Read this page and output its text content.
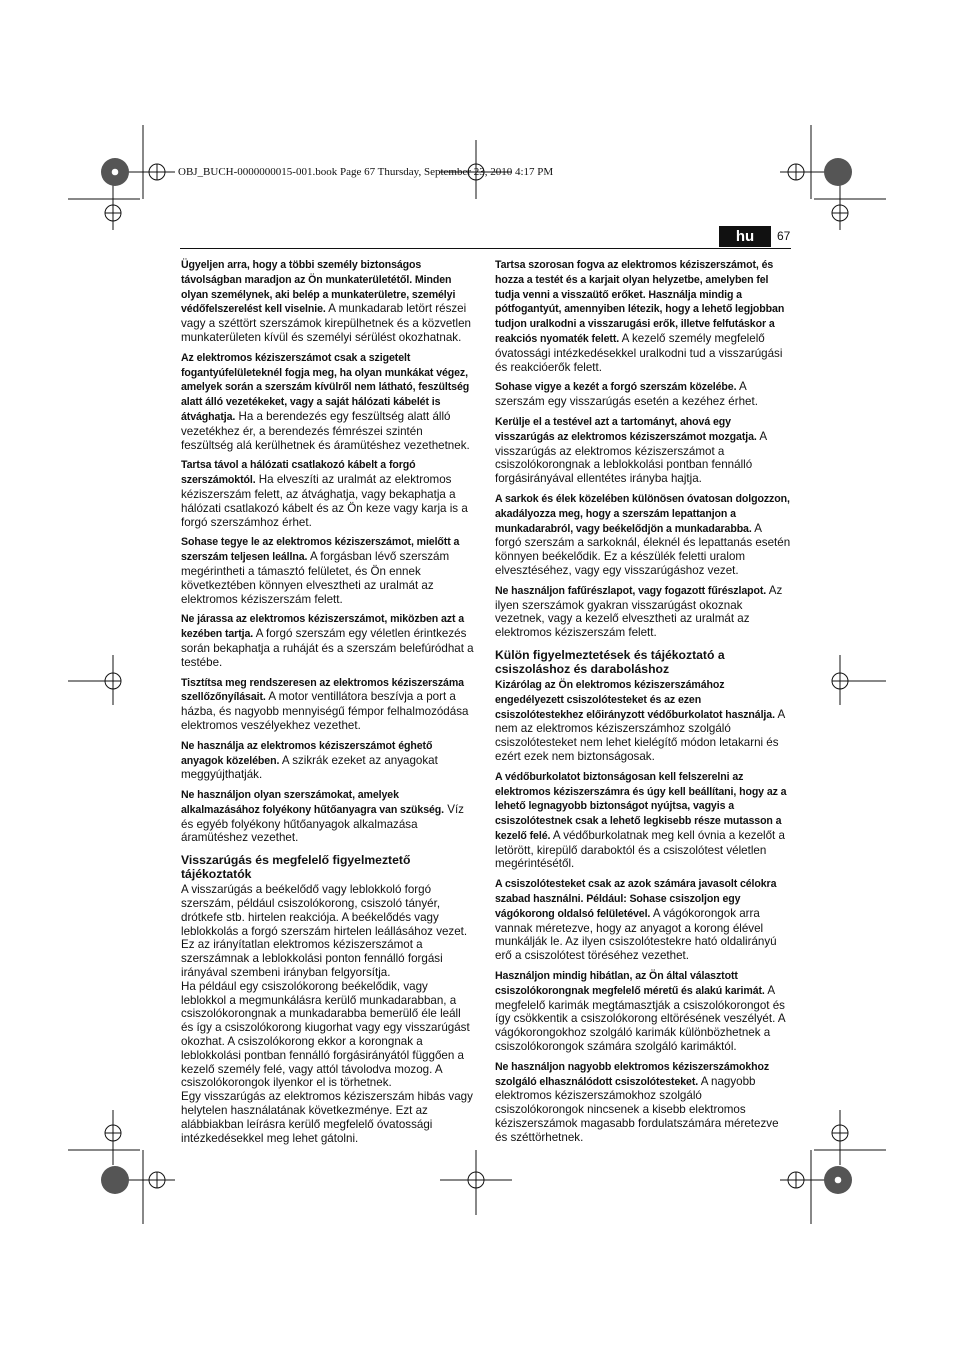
OBJ_BUCH-0000000015-001.book Page 67 Thursday, September 23, 2010 4:17 PM
hu	67

Ügyeljen arra, hogy a többi személy biztonságos távolságban maradjon az Ön munkaterületétől. Minden olyan személynek, aki belép a munkaterületre, személyi védőfelszerelést kell viselnie. A munkadarab letört részei vagy a széttört szerszámok kirepülhetnek és a közvetlen munkaterületen kívül és személyi sérülést okozhatnak.

Az elektromos kéziszerszámot csak a szigetelt fogantyúfelületeknél fogja meg, ha olyan munkákat végez, amelyek során a szerszám kívülről nem látható, feszültség alatt álló vezetékeket, vagy a saját hálózati kábelét is átvághatja. Ha a berendezés egy feszültség alatt álló vezetékhez ér, a berendezés fémrészei szintén feszültség alá kerülhetnek és áramütéshez vezethetnek.

Tartsa távol a hálózati csatlakozó kábelt a forgó szerszámoktól. Ha elveszíti az uralmát az elektromos kéziszerszám felett, az átvághatja, vagy bekaphatja a hálózati csatlakozó kábelt és az Ön keze vagy karja is a forgó szerszámhoz érhet.

Sohase tegye le az elektromos kéziszerszámot, mielőtt a szerszám teljesen leállna. A forgásban lévő szerszám megérintheti a támasztó felületet, és Ön ennek következtében könnyen elvesztheti az uralmát az elektromos kéziszerszám felett.

Ne járassa az elektromos kéziszerszámot, miközben azt a kezében tartja. A forgó szerszám egy véletlen érintkezés során bekaphatja a ruháját és a szerszám belefúródhat a testébe.

Tisztítsa meg rendszeresen az elektromos kéziszerszáma szellőzőnyílásait. A motor ventillátora beszívja a port a házba, és nagyobb mennyiségű fémpor felhalmozódása elektromos veszélyekhez vezethet.

Ne használja az elektromos kéziszerszámot éghető anyagok közelében. A szikrák ezeket az anyagokat meggyújthatják.

Ne használjon olyan szerszámokat, amelyek alkalmazásához folyékony hűtőanyagra van szükség. Víz és egyéb folyékony hűtőanyagok alkalmazása áramütéshez vezethet.

Visszarúgás és megfelelő figyelmeztető tájékoztatók

A visszarúgás a beékelődő vagy leblokkoló forgó szerszám, például csiszolókorong, csiszoló tányér, drótkefe stb. hirtelen reakciója. A beékelődés vagy leblokkolás a forgó szerszám hirtelen leállásához vezet. Ez az irányítatlan elektromos kéziszerszámot a szerszámnak a leblokkolási ponton fennálló forgási irányával szembeni irányban felgyorsítja.

Ha például egy csiszolókorong beékelődik, vagy leblokkol a megmunkálásra kerülő munkadarabban, a csiszolókorongnak a munkadarabba bemerülő éle leáll és így a csiszolókorong kiugorhat vagy egy visszarúgást okozhat. A csiszolókorong ekkor a korongnak a leblokkolási pontban fennálló forgásirányától függően a kezelő személy felé, vagy attól távolodva mozog. A csiszolókorongok ilyenkor el is törhetnek.

Egy visszarúgás az elektromos kéziszerszám hibás vagy helytelen használatának következménye. Ezt az alábbiakban leírásra kerülő megfelelő óvatossági intézkedésekkel meg lehet gátolni.

Tartsa szorosan fogva az elektromos kéziszerszámot, és hozza a testét és a karjait olyan helyzetbe, amelyben fel tudja venni a visszaütő erőket. Használja mindig a pótfogantyút, amennyiben létezik, hogy a lehető legjobban tudjon uralkodni a visszarugási erők, illetve felfutáskor a reakciós nyomaték felett. A kezelő személy megfelelő óvatossági intézkedésekkel uralkodni tud a visszarúgási és reakcióerők felett.

Sohase vigye a kezét a forgó szerszám közelébe. A szerszám egy visszarúgás esetén a kezéhez érhet.

Kerülje el a testével azt a tartományt, ahová egy visszarúgás az elektromos kéziszerszámot mozgatja. A visszarúgás az elektromos kéziszerszámot a csiszolókorongnak a leblokkolási pontban fennálló forgásirányával ellentétes irányba hajtja.

A sarkok és élek közelében különösen óvatosan dolgozzon, akadályozza meg, hogy a szerszám lepattanjon a munkadarabról, vagy beékelődjön a munkadarabba. A forgó szerszám a sarkoknál, éleknél és lepattanás esetén könnyen beékelődik. Ez a készülék feletti uralom elvesztéséhez, vagy egy visszarúgáshoz vezet.

Ne használjon fafűrészlapot, vagy fogazott fűrészlapot. Az ilyen szerszámok gyakran visszarúgást okoznak vezetnek, vagy a kezelő elvesztheti az uralmát az elektromos kéziszerszám felett.

Külön figyelmeztetések és tájékoztató a csiszoláshoz és daraboláshoz

Kizárólag az Ön elektromos kéziszerszámához engedélyezett csiszolótesteket és az ezen csiszolótestekhez előirányzott védőburkolatot használja. A nem az elektromos kéziszerszámhoz szolgáló csiszolótesteket nem lehet kielégítő módon letakarni és ezért ezek nem biztonságosak.

A védőburkolatot biztonságosan kell felszerelni az elektromos kéziszerszámra és úgy kell beállítani, hogy az a lehető legnagyobb biztonságot nyújtsa, vagyis a csiszolótestnek csak a lehető legkisebb része mutasson a kezelő felé. A védőburkolatnak meg kell óvnia a kezelőt a letörött, kirepülő daraboktól és a csiszolótest véletlen megérintésétől.

A csiszolótesteket csak az azok számára javasolt célokra szabad használni. Például: Sohase csiszoljon egy vágókorong oldalsó felületével. A vágókorongok arra vannak méretezve, hogy az anyagot a korong élével munkálják le. Az ilyen csiszolótestekre ható oldalirányú erő a csiszolótest töréséhez vezethet.

Használjon mindig hibátlan, az Ön által választott csiszolókorongnak megfelelő méretű és alakú karimát. A megfelelő karimák megtámasztják a csiszolókorongot és így csökkentik a csiszolókorong eltörésének veszélyét. A vágókorongokhoz szolgáló karimák különbözhetnek a csiszolókorongok számára szolgáló karimáktól.

Ne használjon nagyobb elektromos kéziszerszámokhoz szolgáló elhasználódott csiszolótesteket. A nagyobb elektromos kéziszerszámokhoz szolgáló csiszolókorongok nincsenek a kisebb elektromos kéziszerszámok magasabb fordulatszámára méretezve és széttörhetnek.
